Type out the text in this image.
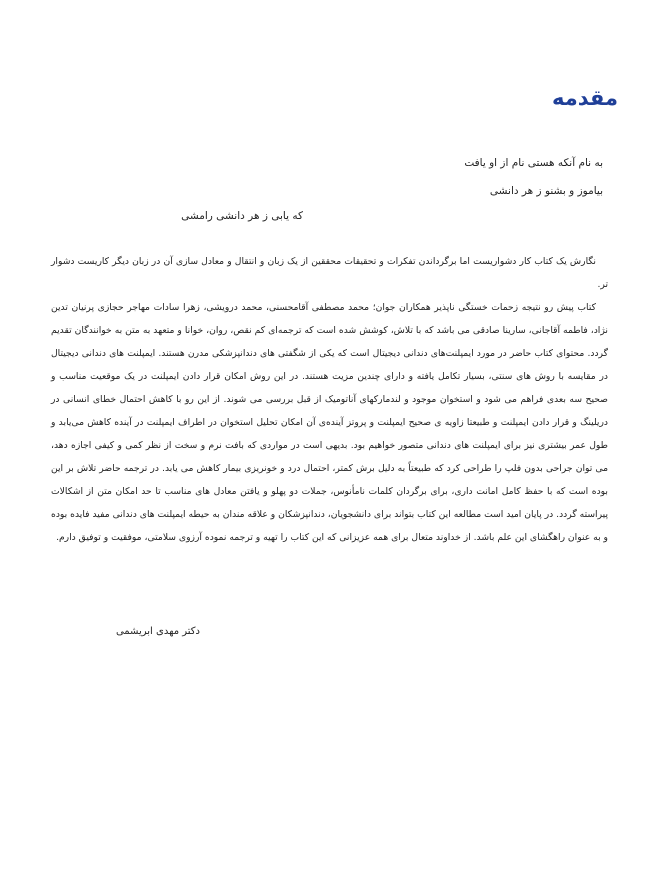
مقدمه
به نام آنکه هستی نام از او یافت
بیاموز و بشنو ز هر دانشی
که یابی ز هر دانشی رامشی

نگارش یک کتاب کار دشواریست اما برگرداندن تفکرات و تحقیقات محققین از یک زبان و انتقال و معادل سازی آن در زبان دیگر کاریست دشوار تر.

کتاب پیش رو نتیجه زحمات خستگی ناپذیر همکاران جوان؛ محمد مصطفی آقامحسنی، محمد درویشی، زهرا سادات مهاجر حجازی پرنیان تدین نژاد، فاطمه آقاجانی، سارینا صادقی می باشد که با تلاش، کوشش شده است که ترجمه‌ای کم نقص، روان، خوانا و متعهد به متن به خوانندگان تقدیم گردد. محتوای کتاب حاضر در مورد ایمپلنت‌های دندانی دیجیتال است که یکی از شگفتی های دندانپزشکی مدرن هستند. ایمپلنت های دندانی دیجیتال در مقایسه با روش های سنتی، بسیار تکامل یافته و دارای چندین مزیت هستند. در این روش امکان قرار دادن ایمپلنت در یک موقعیت مناسب و صحیح سه بعدی فراهم می شود و استخوان موجود و لندمارکهای آناتومیک از قبل بررسی می شوند. از این رو با کاهش احتمال خطای انسانی در دریلینگ و قرار دادن ایمپلنت و طبیعتا زاویه ی صحیح ایمپلنت و پروتز آینده‌ی آن امکان تحلیل استخوان در اطراف ایمپلنت در آینده کاهش می‌یابد و طول عمر بیشتری نیز برای ایمپلنت های دندانی متصور خواهیم بود. بدیهی است در مواردی که بافت نرم و سخت از نظر کمی و کیفی اجازه دهد، می توان جراحی بدون فلپ را طراحی کرد که طبیعتاً به دلیل برش کمتر، احتمال درد و خونریزی بیمار کاهش می یابد. در ترجمه حاضر تلاش بر این بوده است که با حفظ کامل امانت داری، برای برگردان کلمات نامأنوس، جملات دو پهلو و یافتن معادل های مناسب تا حد امکان متن از اشکالات پیراسته گردد. در پایان امید است مطالعه این کتاب بتواند برای دانشجویان، دندانپزشکان و علاقه مندان به حیطه ایمپلنت های دندانی مفید فایده بوده و به عنوان راهگشای این علم باشد. از خداوند متعال برای همه عزیزانی که این کتاب را تهیه و ترجمه نموده آرزوی سلامتی، موفقیت و توفیق دارم.

دکتر مهدی ابریشمی
